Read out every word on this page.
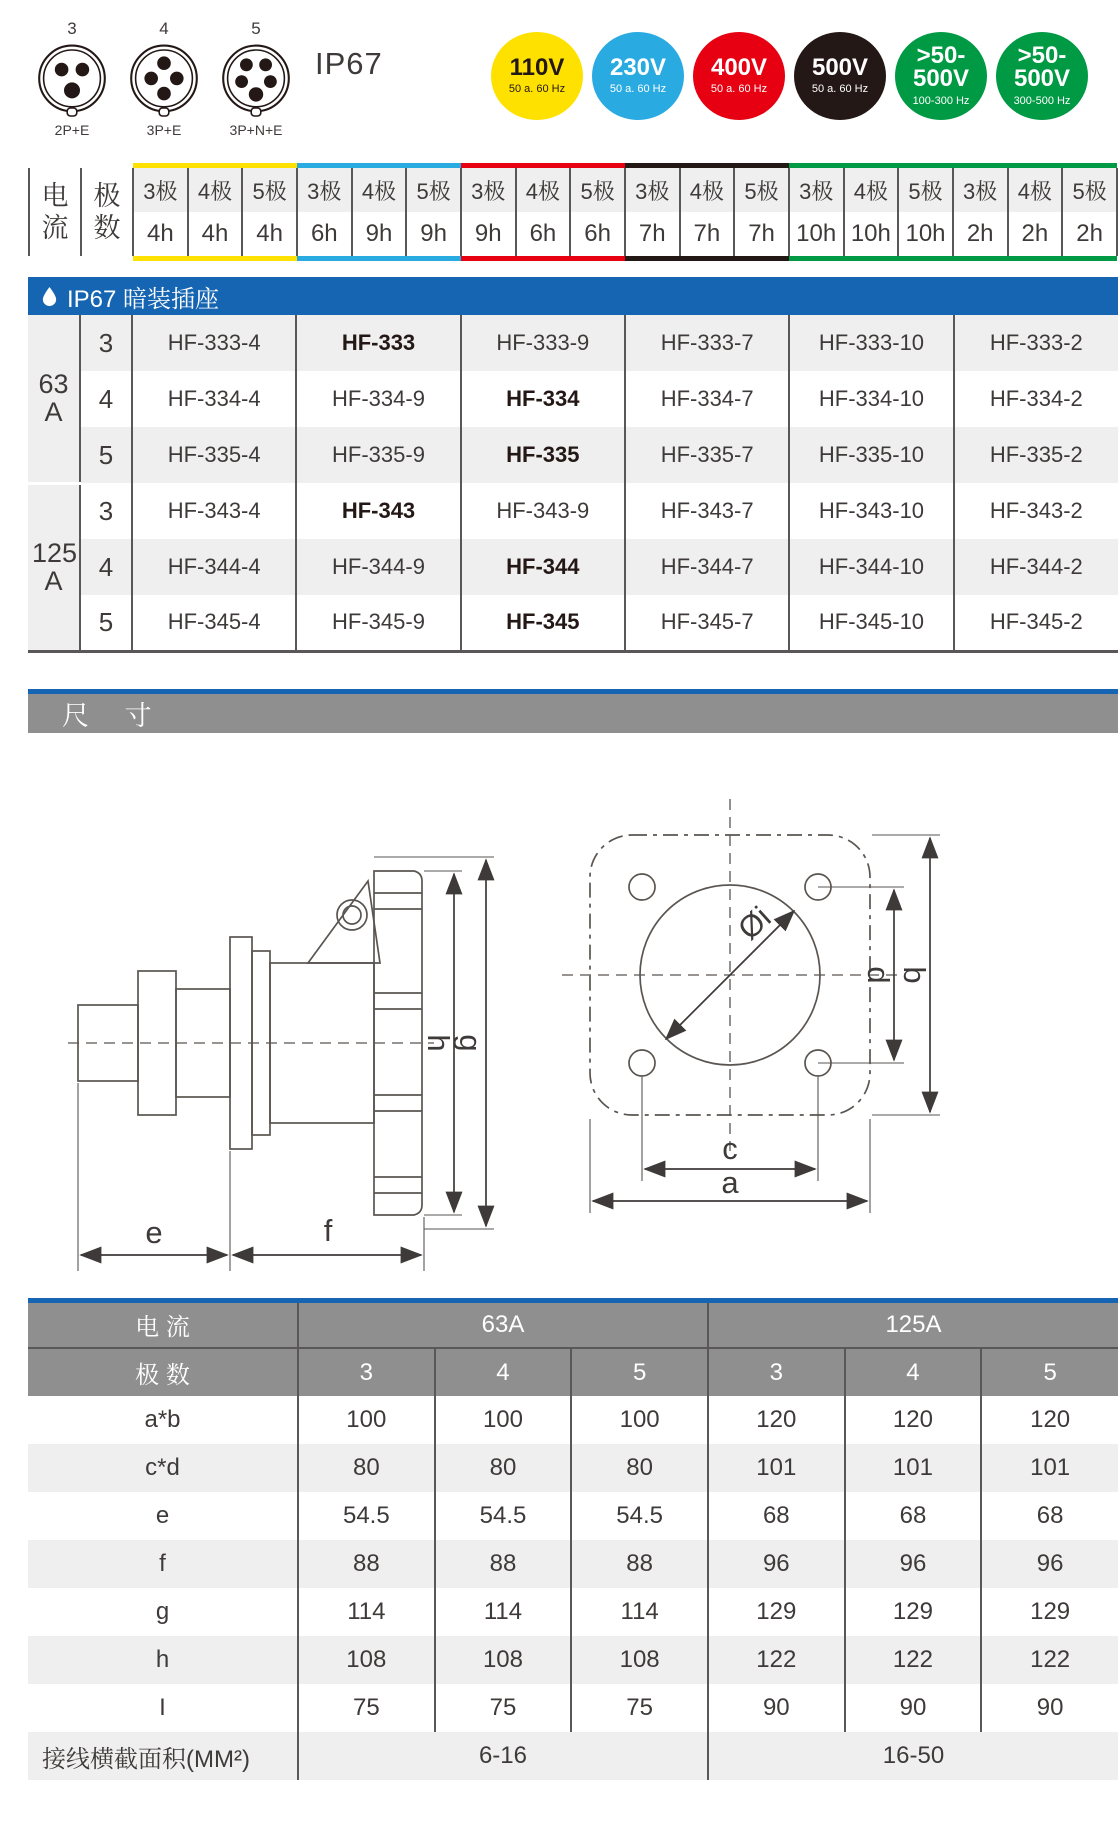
3
2P+E
4
3P+E
5
3P+N+E
IP67	110V
50 a. 60 Hz
230V
50 a. 60 Hz
400V
50 a. 60 Hz
500V
50 a. 60 Hz
>50-
500V
100-300 Hz
>50-
500V
300-500 Hz

电流	极数	3极	4极	5极	3极	4极	5极	3极	4极	5极	3极	4极	5极	3极	4极	5极	3极	4极	5极
		4h	4h	4h	6h	9h	9h	9h	6h	6h	7h	7h	7h	10h	10h	10h	2h	2h	2h

IP67 暗装插座
63
A	3	HF-333-4	HF-333	HF-333-9	HF-333-7	HF-333-10	HF-333-2
	4	HF-334-4	HF-334-9	HF-334	HF-334-7	HF-334-10	HF-334-2
	5	HF-335-4	HF-335-9	HF-335	HF-335-7	HF-335-10	HF-335-2

125
A	3	HF-343-4	HF-343	HF-343-9	HF-343-7	HF-343-10	HF-343-2
	4	HF-344-4	HF-344-9	HF-344	HF-344-7	HF-344-10	HF-344-2
	5	HF-345-4	HF-345-9	HF-345	HF-345-7	HF-345-10	HF-345-2
尺 寸
h
g
e	f
Øi
d b
c
a
电 流	63A			125A		
极 数	3	4	5	3	4	5
a*b	100	100	100	120	120	120
c*d	80	80	80	101	101	101
e	54.5	54.5	54.5	68	68	68
f	88	88	88	96	96	96
g	114	114	114	129	129	129
h	108	108	108	122	122	122
I	75	75	75	90	90	90
接线横截面积(MM²)	6-16			16-50		
